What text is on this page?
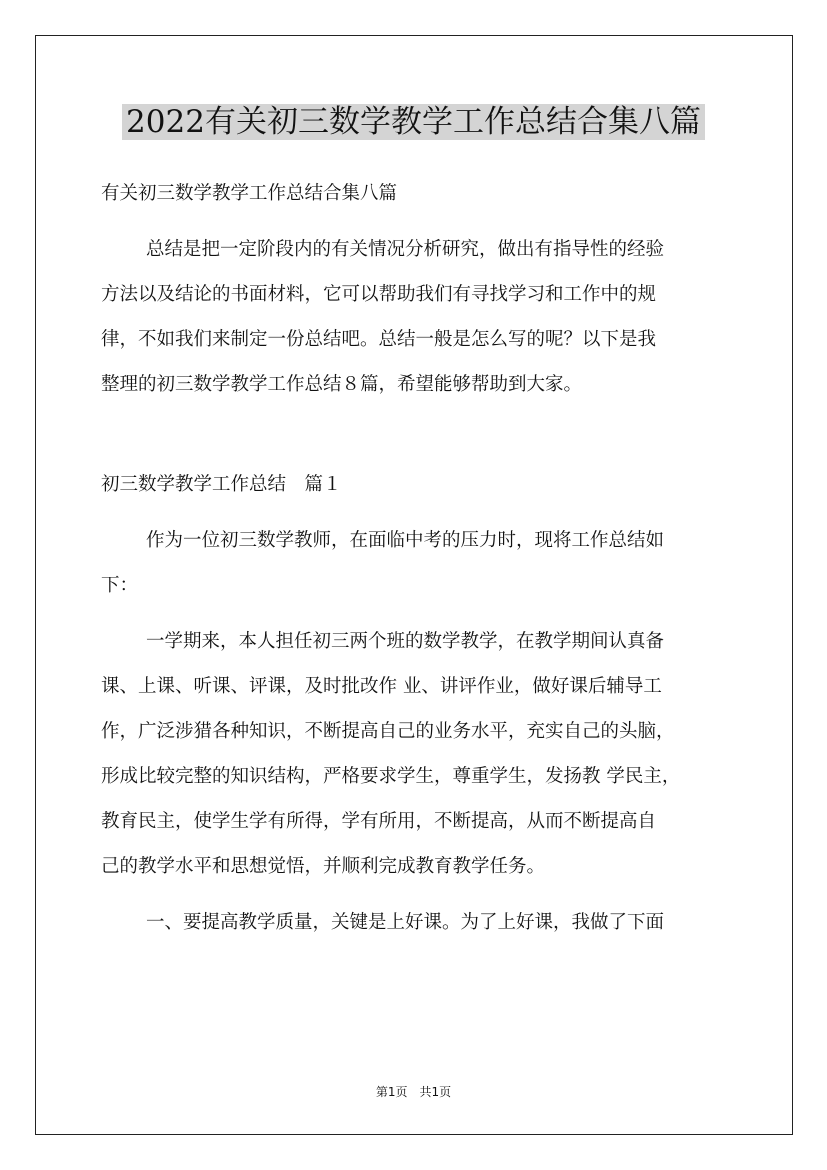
2022有关初三数学教学工作总结合集八篇

有关初三数学教学工作总结合集八篇

总结是把一定阶段内的有关情况分析研究，做出有指导性的经验
方法以及结论的书面材料，它可以帮助我们有寻找学习和工作中的规
律，不如我们来制定一份总结吧。总结一般是怎么写的呢？以下是我
整理的初三数学教学工作总结８篇，希望能够帮助到大家。

初三数学教学工作总结　篇１

作为一位初三数学教师，在面临中考的压力时，现将工作总结如
下：

一学期来，本人担任初三两个班的数学教学，在教学期间认真备
课、上课、听课、评课，及时批改作 业、讲评作业，做好课后辅导工
作，广泛涉猎各种知识，不断提高自己的业务水平，充实自己的头脑，
形成比较完整的知识结构，严格要求学生，尊重学生，发扬教 学民主，
教育民主，使学生学有所得，学有所用，不断提高，从而不断提高自
己的教学水平和思想觉悟，并顺利完成教育教学任务。

一、要提高教学质量，关键是上好课。为了上好课，我做了下面

第1页　共1页
